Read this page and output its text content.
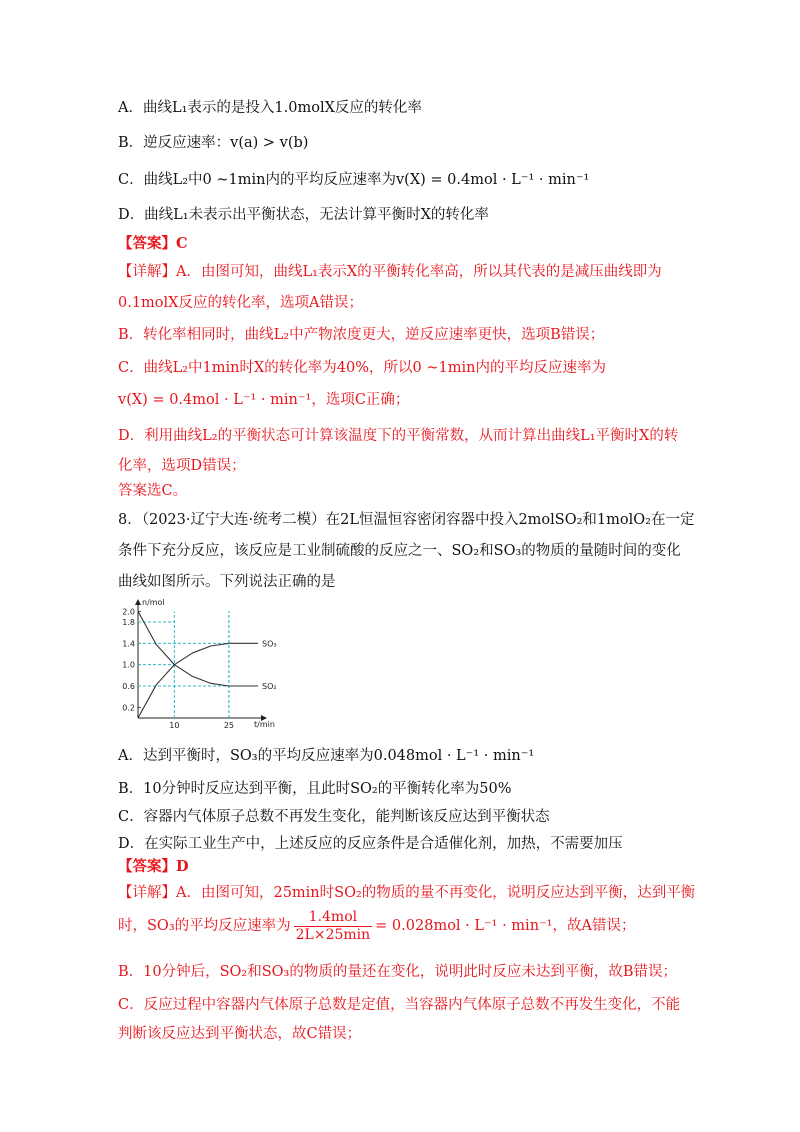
A．曲线L₁表示的是投入1.0molX反应的转化率
B．逆反应速率：v(a) > v(b)
C．曲线L₂中0 ~1min内的平均反应速率为v(X) = 0.4mol · L⁻¹ · min⁻¹
D．曲线L₁未表示出平衡状态，无法计算平衡时X的转化率
【答案】C
【详解】A．由图可知，曲线L₁表示X的平衡转化率高，所以其代表的是减压曲线即为
0.1molX反应的转化率，选项A错误；
B．转化率相同时，曲线L₂中产物浓度更大，逆反应速率更快，选项B错误；
C．曲线L₂中1min时X的转化率为40%，所以0 ~1min内的平均反应速率为
v(X) = 0.4mol · L⁻¹ · min⁻¹，选项C正确；
D．利用曲线L₂的平衡状态可计算该温度下的平衡常数，从而计算出曲线L₁平衡时X的转
化率，选项D错误；
答案选C。
8．（2023·辽宁大连·统考二模）在2L恒温恒容密闭容器中投入2molSO₂和1molO₂在一定
条件下充分反应，该反应是工业制硫酸的反应之一、SO₂和SO₃的物质的量随时间的变化
曲线如图所示。下列说法正确的是
n/mol
t/min
0.2
0.6
1.0
1.4
1.8
2.0
10	25
SO₃
SO₂
A．达到平衡时，SO₃的平均反应速率为0.048mol · L⁻¹ · min⁻¹
B．10分钟时反应达到平衡，且此时SO₂的平衡转化率为50%
C．容器内气体原子总数不再发生变化，能判断该反应达到平衡状态
D．在实际工业生产中，上述反应的反应条件是合适催化剂，加热，不需要加压
【答案】D
【详解】A．由图可知，25min时SO₂的物质的量不再变化，说明反应达到平衡，达到平衡
时，SO₃的平均反应速率为 $\frac{\text{1.4mol}}{2L\times 25\min} = 0.028mol \cdot L^{-1} \cdot \min^{-1}$，故A错误；
B．10分钟后，SO₂和SO₃的物质的量还在变化，说明此时反应未达到平衡，故B错误；
C．反应过程中容器内气体原子总数是定值，当容器内气体原子总数不再发生变化，不能
判断该反应达到平衡状态，故C错误；
